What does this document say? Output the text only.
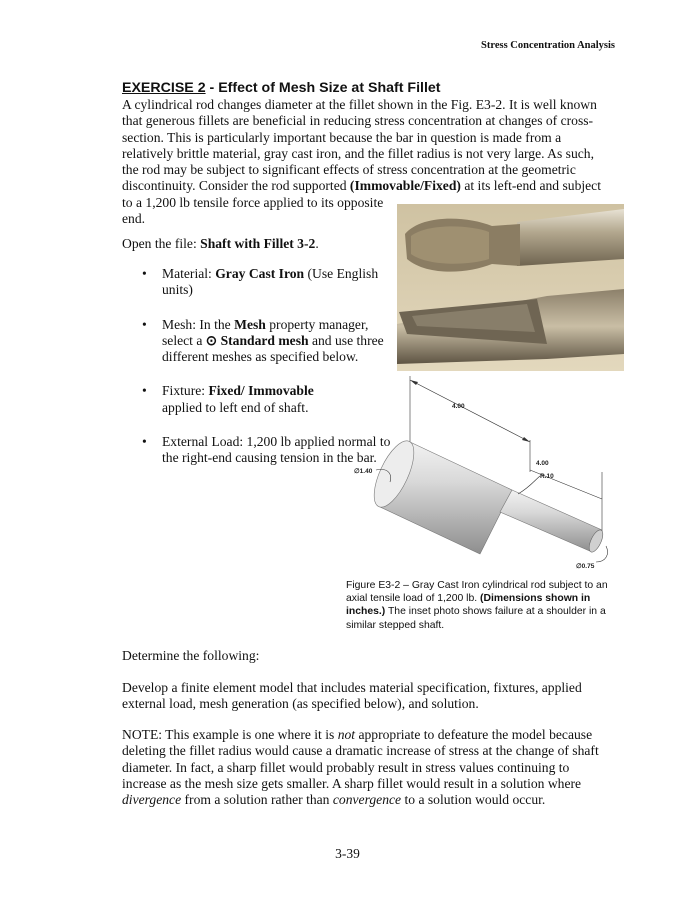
Stress Concentration Analysis
EXERCISE 2 - Effect of Mesh Size at Shaft Fillet
A cylindrical rod changes diameter at the fillet shown in the Fig. E3-2. It is well known
that generous fillets are beneficial in reducing stress concentration at changes of cross-
section. This is particularly important because the bar in question is made from a
relatively brittle material, gray cast iron, and the fillet radius is not very large. As such,
the rod may be subject to significant effects of stress concentration at the geometric
discontinuity. Consider the rod supported (Immovable/Fixed) at its left-end and subject
to a 1,200 lb tensile force applied to its opposite
end.
Open the file: Shaft with Fillet 3-2.
• Material: Gray Cast Iron (Use English units)
• Mesh: In the Mesh property manager, select a ⊙ Standard mesh and use three different meshes as specified below.
• Fixture: Fixed/ Immovable
applied to left end of shaft.
• External Load: 1,200 lb applied normal to the right-end causing tension in the bar.
4.00
4.00
∅1.40
R.10
∅0.75
Figure E3-2 – Gray Cast Iron cylindrical rod subject to an axial tensile load of 1,200 lb. (Dimensions shown in inches.) The inset photo shows failure at a shoulder in a similar stepped shaft.
Determine the following:
Develop a finite element model that includes material specification, fixtures, applied
external load, mesh generation (as specified below), and solution.
NOTE: This example is one where it is not appropriate to defeature the model because
deleting the fillet radius would cause a dramatic increase of stress at the change of shaft
diameter. In fact, a sharp fillet would probably result in stress values continuing to
increase as the mesh size gets smaller. A sharp fillet would result in a solution where
divergence from a solution rather than convergence to a solution would occur.
3-39
